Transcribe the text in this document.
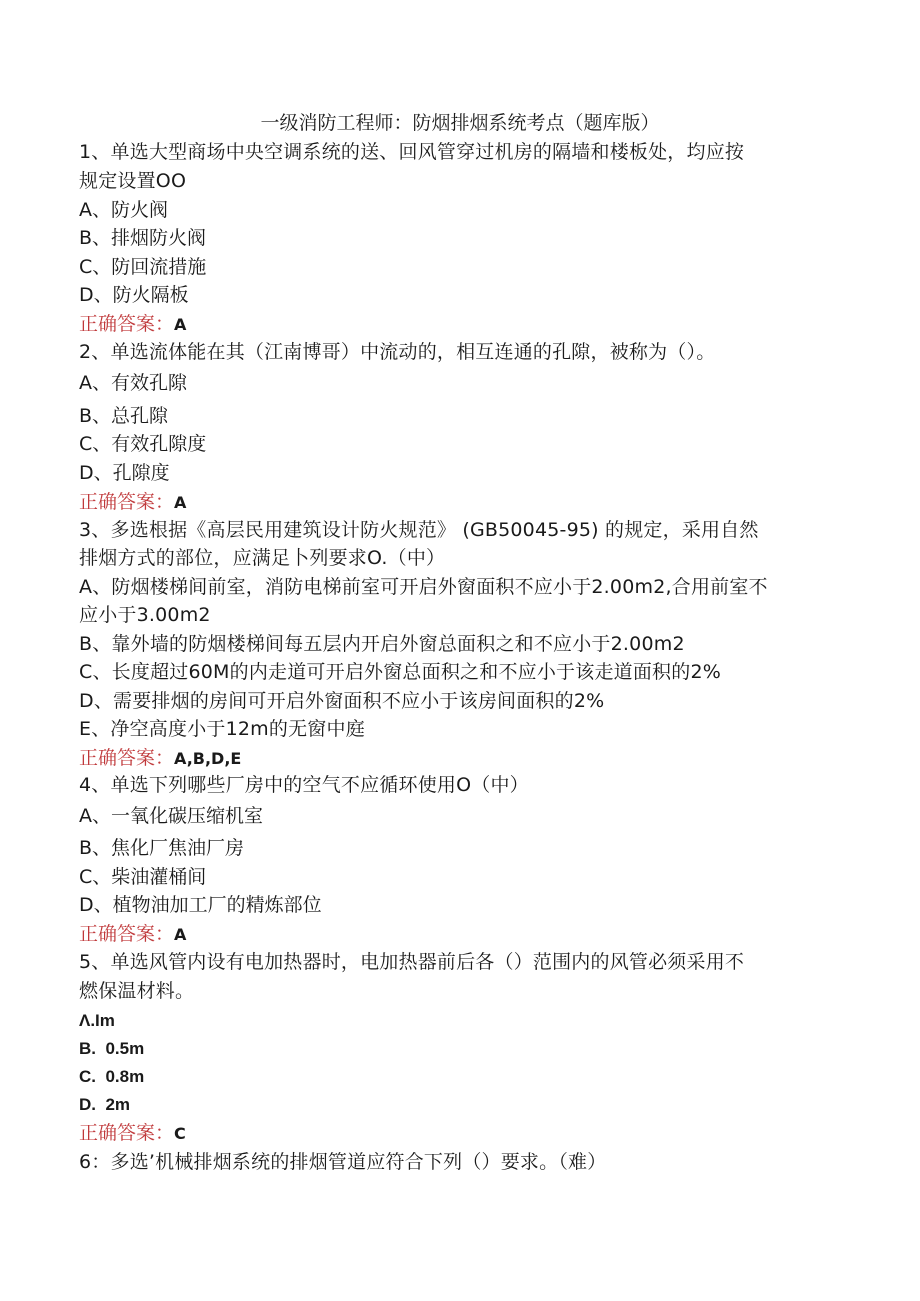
一级消防工程师：防烟排烟系统考点（题库版）
1、单选大型商场中央空调系统的送、回风管穿过机房的隔墙和楼板处，均应按
规定设置OO
A、防火阀
B、排烟防火阀
C、防回流措施
D、防火隔板
正确答案：A
2、单选流体能在其（江南博哥）中流动的，相互连通的孔隙，被称为（）。
A、有效孔隙
B、总孔隙
C、有效孔隙度
D、孔隙度
正确答案：A
3、多选根据《高层民用建筑设计防火规范》 (GB50045-95) 的规定，采用自然
排烟方式的部位，应满足卜列要求O.（中）
A、防烟楼梯间前室，消防电梯前室可开启外窗面积不应小于2.00m2,合用前室不
应小于3.00m2
B、靠外墙的防烟楼梯间每五层内开启外窗总面积之和不应小于2.00m2
C、长度超过60M的内走道可开启外窗总面积之和不应小于该走道面积的2%
D、需要排烟的房间可开启外窗面积不应小于该房间面积的2%
E、净空高度小于12m的无窗中庭
正确答案：A,B,D,E
4、单选下列哪些厂房中的空气不应循环使用O（中）
A、一氧化碳压缩机室
B、焦化厂焦油厂房
C、柴油灌桶间
D、植物油加工厂的精炼部位
正确答案：A
5、单选风管内设有电加热器时，电加热器前后各（）范围内的风管必须采用不
燃保温材料。
Λ.Im
B.  0.5m
C.  0.8m
D.  2m
正确答案：C
6：多选’机械排烟系统的排烟管道应符合下列（）要求。（难）
